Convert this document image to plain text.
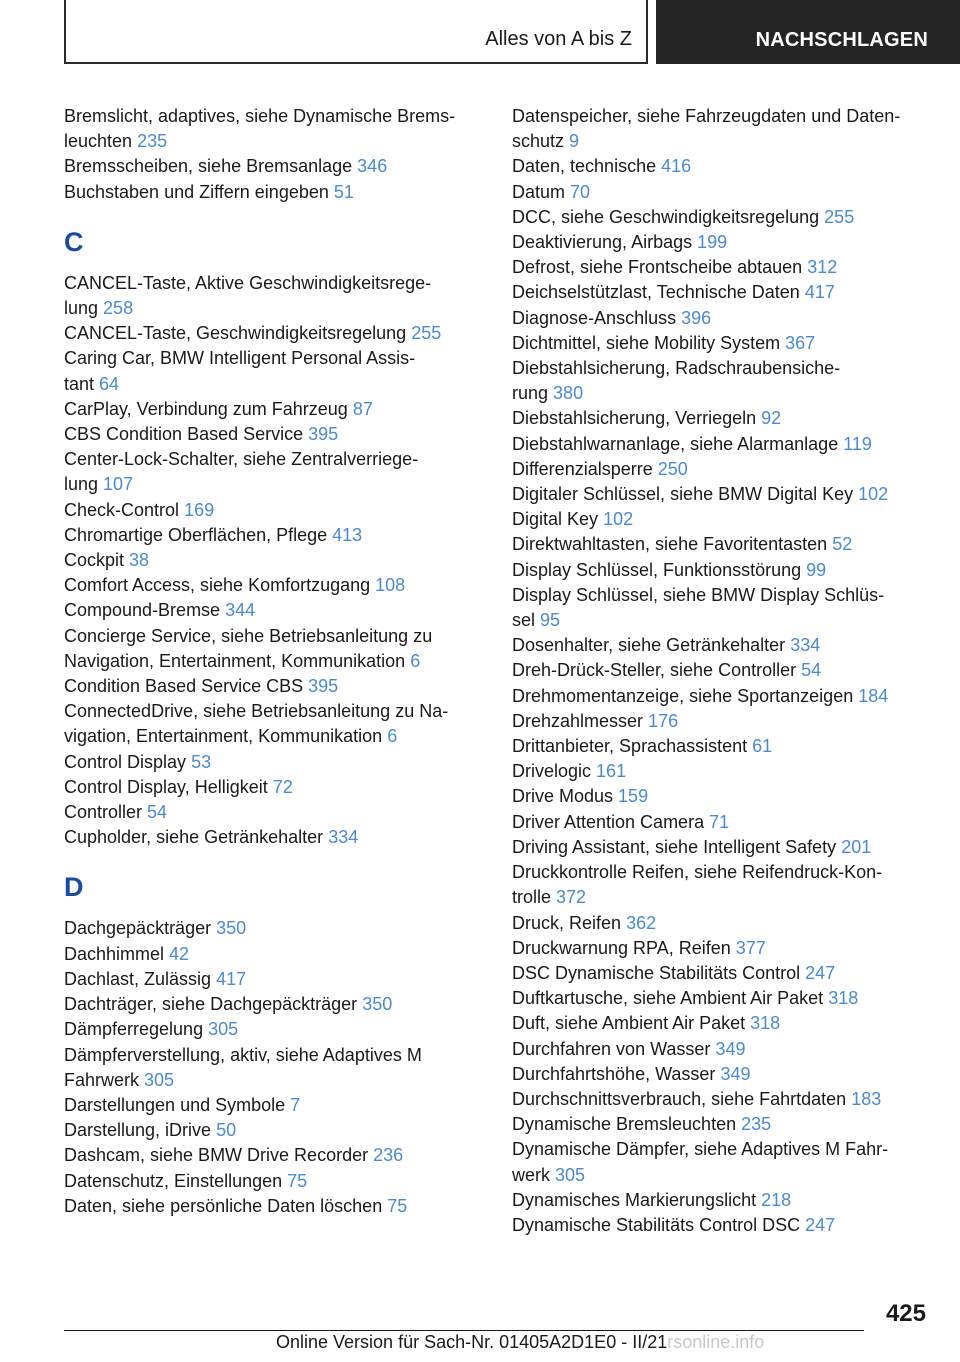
Alles von A bis Z	NACHSCHLAGEN
Bremslicht, adaptives, siehe Dynamische Brems-
leuchten 235
Bremsscheiben, siehe Bremsanlage 346
Buchstaben und Ziffern eingeben 51
C
CANCEL-Taste, Aktive Geschwindigkeitsrege-
lung 258
CANCEL-Taste, Geschwindigkeitsregelung 255
Caring Car, BMW Intelligent Personal Assis-
tant 64
CarPlay, Verbindung zum Fahrzeug 87
CBS Condition Based Service 395
Center-Lock-Schalter, siehe Zentralverriege-
lung 107
Check-Control 169
Chromartige Oberflächen, Pflege 413
Cockpit 38
Comfort Access, siehe Komfortzugang 108
Compound-Bremse 344
Concierge Service, siehe Betriebsanleitung zu
Navigation, Entertainment, Kommunikation 6
Condition Based Service CBS 395
ConnectedDrive, siehe Betriebsanleitung zu Na-
vigation, Entertainment, Kommunikation 6
Control Display 53
Control Display, Helligkeit 72
Controller 54
Cupholder, siehe Getränkehalter 334
D
Dachgepäckträger 350
Dachhimmel 42
Dachlast, Zulässig 417
Dachträger, siehe Dachgepäckträger 350
Dämpferregelung 305
Dämpferverstellung, aktiv, siehe Adaptives M
Fahrwerk 305
Darstellungen und Symbole 7
Darstellung, iDrive 50
Dashcam, siehe BMW Drive Recorder 236
Datenschutz, Einstellungen 75
Daten, siehe persönliche Daten löschen 75
Datenspeicher, siehe Fahrzeugdaten und Daten-
schutz 9
Daten, technische 416
Datum 70
DCC, siehe Geschwindigkeitsregelung 255
Deaktivierung, Airbags 199
Defrost, siehe Frontscheibe abtauen 312
Deichselstützlast, Technische Daten 417
Diagnose-Anschluss 396
Dichtmittel, siehe Mobility System 367
Diebstahlsicherung, Radschraubensiche-
rung 380
Diebstahlsicherung, Verriegeln 92
Diebstahlwarnanlage, siehe Alarmanlage 119
Differenzialsperre 250
Digitaler Schlüssel, siehe BMW Digital Key 102
Digital Key 102
Direktwahltasten, siehe Favoritentasten 52
Display Schlüssel, Funktionsstörung 99
Display Schlüssel, siehe BMW Display Schlüs-
sel 95
Dosenhalter, siehe Getränkehalter 334
Dreh-Drück-Steller, siehe Controller 54
Drehmomentanzeige, siehe Sportanzeigen 184
Drehzahlmesser 176
Drittanbieter, Sprachassistent 61
Drivelogic 161
Drive Modus 159
Driver Attention Camera 71
Driving Assistant, siehe Intelligent Safety 201
Druckkontrolle Reifen, siehe Reifendruck-Kon-
trolle 372
Druck, Reifen 362
Druckwarnung RPA, Reifen 377
DSC Dynamische Stabilitäts Control 247
Duftkartusche, siehe Ambient Air Paket 318
Duft, siehe Ambient Air Paket 318
Durchfahren von Wasser 349
Durchfahrtshöhe, Wasser 349
Durchschnittsverbrauch, siehe Fahrtdaten 183
Dynamische Bremsleuchten 235
Dynamische Dämpfer, siehe Adaptives M Fahr-
werk 305
Dynamisches Markierungslicht 218
Dynamische Stabilitäts Control DSC 247
425
Online Version für Sach-Nr. 01405A2D1E0 - II/21rsonline.info
